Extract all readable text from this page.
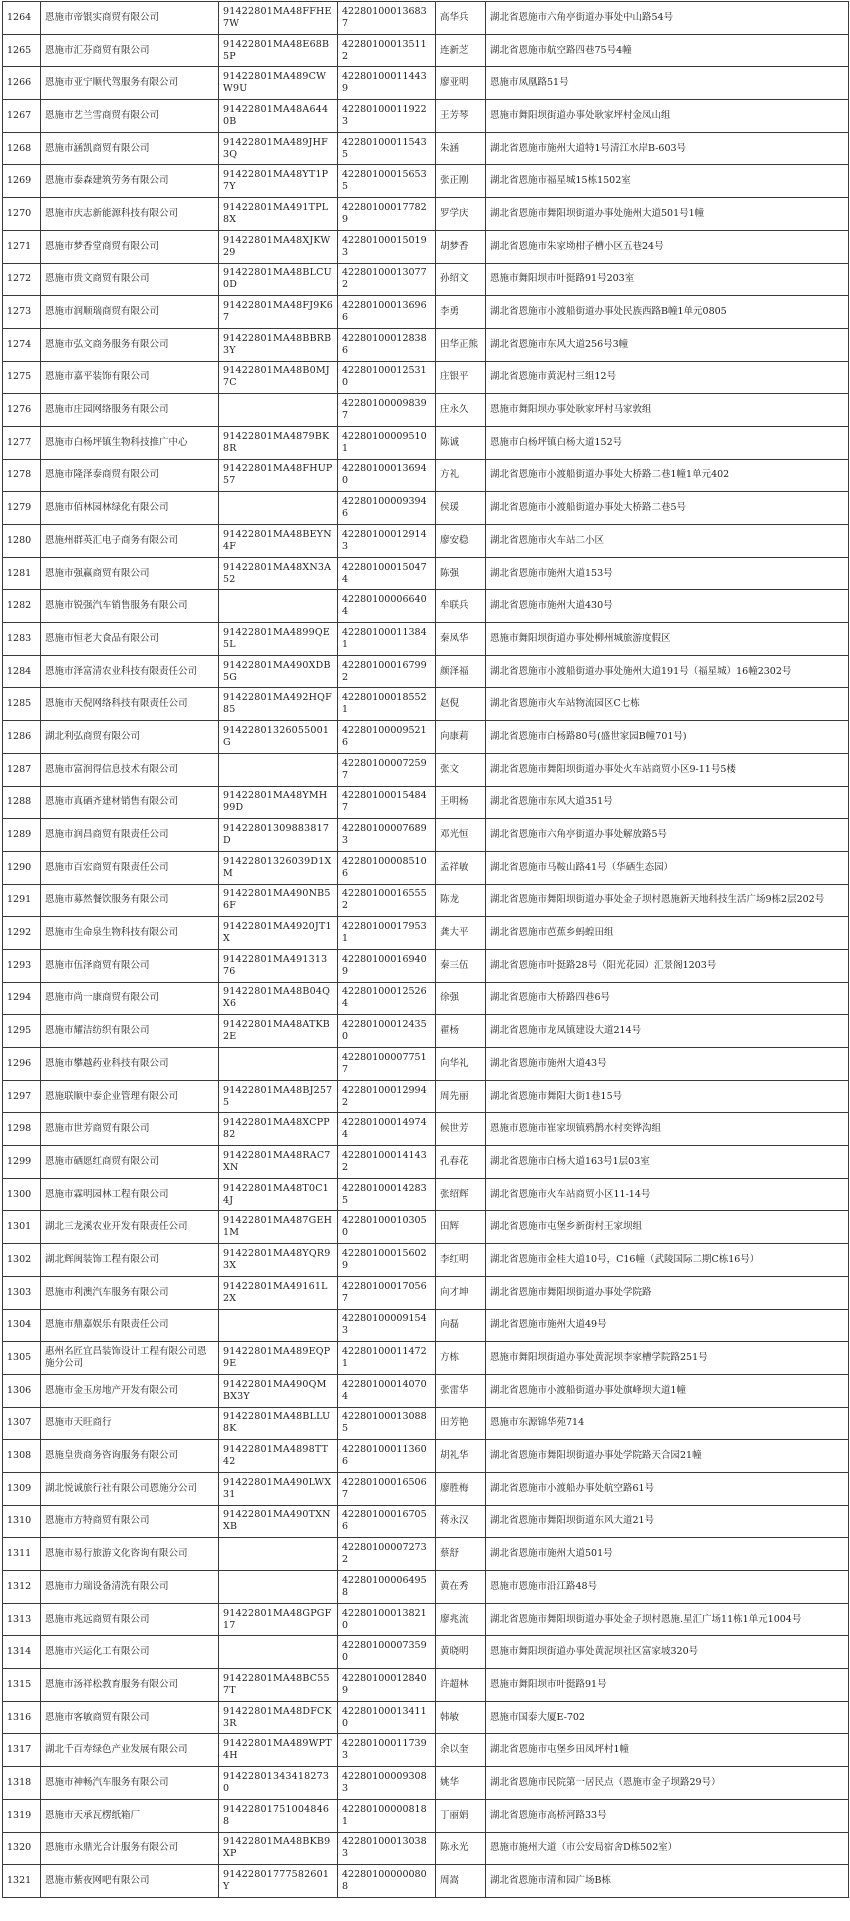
1264	恩施市帝银实商贸有限公司	91422801MA48FFHE7W	422801000136837	高华兵	湖北省恩施市六角亭街道办事处中山路54号
1265	恩施市汇芬商贸有限公司	91422801MA48E68B5P	422801000135112	连新芝	湖北省恩施市航空路四巷75号4幢
1266	恩施市亚宁顺代驾服务有限公司	91422801MA489CWW9U	422801000114439	廖亚明	恩施市凤凰路51号
1267	恩施市艺兰雪商贸有限公司	91422801MA48A6440B	422801000119223	王芳琴	恩施市舞阳坝街道办事处耿家坪村金凤山组
1268	恩施市涵凯商贸有限公司	91422801MA489JHF3Q	422801000115435	朱涵	湖北省恩施市施州大道特1号清江水岸B-603号
1269	恩施市泰森建筑劳务有限公司	91422801MA48YT1P7Y	422801000156535	张正刚	湖北省恩施市福星城15栋1502室
1270	恩施市庆志新能源科技有限公司	91422801MA491TPL8X	422801000177829	罗学庆	湖北省恩施市舞阳坝街道办事处施州大道501号1幢
1271	恩施市梦香堂商贸有限公司	91422801MA48XJKW29	422801000150193	胡梦香	湖北省恩施市朱家坳柑子槽小区五巷24号
1272	恩施市贵文商贸有限公司	91422801MA48BLCU0D	422801000130772	孙绍文	恩施市舞阳坝市叶挺路91号203室
1273	恩施市润顺瑞商贸有限公司	91422801MA48FJ9K67	422801000136966	李勇	湖北省恩施市小渡船街道办事处民族西路B幢1单元0805
1274	恩施市弘文商务服务有限公司	91422801MA48BBRB3Y	422801000128386	田华正熊	湖北省恩施市东风大道256号3幢
1275	恩施市嘉平装饰有限公司	91422801MA48B0MJ7C	422801000125310	庄银平	湖北省恩施市黄泥村三组12号
1276	恩施市庄园网络服务有限公司		422801000098397	庄永久	恩施市舞阳坝办事处耿家坪村马家敦组
1277	恩施市白杨坪镇生物科技推广中心	91422801MA4879BK8R	422801000095101	陈诚	恩施市白杨坪镇白杨大道152号
1278	恩施市隆泽泰商贸有限公司	91422801MA48FHUP57	422801000136940	方礼	湖北省恩施市小渡船街道办事处大桥路二巷1幢1单元402
1279	恩施市佰林园林绿化有限公司		422801000093946	侯瑗	湖北省恩施市小渡船街道办事处大桥路二巷5号
1280	恩施州群英汇电子商务有限公司	91422801MA48BEYN4F	422801000129143	廖安稳	湖北省恩施市火车站二小区
1281	恩施市强赢商贸有限公司	91422801MA48XN3A52	422801000150474	陈强	湖北省恩施市施州大道153号
1282	恩施市锐强汽车销售服务有限公司		422801000066404	牟联兵	湖北省恩施市施州大道430号
1283	恩施市恒老大食品有限公司	91422801MA4899QE5L	422801000113841	秦凤华	恩施市舞阳坝街道办事处柳州城旅游度假区
1284	恩施市泽富清农业科技有限责任公司	91422801MA490XDB5G	422801000167992	颜泽福	湖北省恩施市小渡船街道办事处施州大道191号（福星城）16幢2302号
1285	恩施市天倪网络科技有限责任公司	91422801MA492HQF85	422801000185521	赵倪	湖北省恩施市火车站物流园区C七栋
1286	湖北利弘商贸有限公司	91422801326055001G	422801000095216	向康莉	湖北省恩施市白杨路80号(盛世家园B幢701号)
1287	恩施市富润得信息技术有限公司		422801000072597	张文	湖北省恩施市舞阳坝街道办事处火车站商贸小区9-11号5楼
1288	恩施市真硒齐建材销售有限公司	91422801MA48YMH99D	422801000154847	王明杨	湖北省恩施市东风大道351号
1289	恩施市润昌商贸有限责任公司	91422801309883817D	422801000076893	邓光恒	湖北省恩施市六角亭街道办事处解放路5号
1290	恩施市百宏商贸有限责任公司	91422801326039D1XM	422801000085106	孟祥敏	湖北省恩施市马鞍山路41号（华硒生态园）
1291	恩施市募然餐饮服务有限公司	91422801MA490NB56F	422801000165552	陈龙	湖北省恩施市舞阳坝街道办事处金子坝村恩施新天地科技生活广场9栋2层202号
1292	恩施市生命泉生物科技有限公司	91422801MA4920JT1X	422801000179531	龚大平	湖北省恩施市芭蕉乡蚂蝗田组
1293	恩施市伍泽商贸有限公司	91422801MA49131376	422801000169409	秦三伍	湖北省恩施市叶挺路28号（阳光花园）汇景阁1203号
1294	恩施市尚一康商贸有限公司	91422801MA48B04QX6	422801000125264	徐强	湖北省恩施市大桥路四巷6号
1295	恩施市耀洁纺织有限公司	91422801MA48ATKB2E	422801000124350	翟杨	湖北省恩施市龙凤镇建设大道214号
1296	恩施市攀越药业科技有限公司		422801000077517	向华礼	湖北省恩施市施州大道43号
1297	恩施联顺中泰企业管理有限公司	91422801MA48BJ2575	422801000129942	周先丽	湖北省恩施市舞阳大街1巷15号
1298	恩施市世芳商贸有限公司	91422801MA48XCPP82	422801000149744	候世芳	恩施市恩施市崔家坝镇鸦鹊水村奕铧沟组
1299	恩施市硒愿红商贸有限公司	91422801MA48RAC7XN	422801000141432	孔春花	湖北省恩施市白杨大道163号1层03室
1300	恩施市霖明园林工程有限公司	91422801MA48T0C14J	422801000142835	张绍辉	湖北省恩施市火车站商贸小区11-14号
1301	湖北三龙溪农业开发有限责任公司	91422801MA487GEH1M	422801000103050	田辉	湖北省恩施市屯堡乡新街村王家坝组
1302	湖北辉闽装饰工程有限公司	91422801MA48YQR93X	422801000156029	李红明	湖北省恩施市金桂大道10号，C16幢（武陵国际二期C栋16号）
1303	恩施市利澳汽车服务有限公司	91422801MA49161L2X	422801000170567	向才坤	湖北省恩施市舞阳坝街道办事处学院路
1304	恩施市鼎嘉娱乐有限责任公司		422801000091543	向磊	湖北省恩施市施州大道49号
1305	惠州名匠宜昌装饰设计工程有限公司恩施分公司	91422801MA489EQP9E	422801000114721	方栋	恩施市舞阳坝街道办事处黄泥坝李家槽学院路251号
1306	恩施市金玉房地产开发有限公司	91422801MA490QMBX3Y	422801000140704	张雷华	湖北省恩施市小渡船街道办事处旗峰坝大道1幢
1307	恩施市天旺商行	91422801MA48BLLU8K	422801000130885	田芳艳	恩施市东源锦华苑714
1308	恩施皇贵商务咨询服务有限公司	91422801MA4898TT42	422801000113606	胡礼华	湖北省恩施市舞阳坝街道办事处学院路天合园21幢
1309	湖北悦诚旅行社有限公司恩施分公司	91422801MA490LWX31	422801000165067	廖胜梅	湖北省恩施市小渡船办事处航空路61号
1310	恩施市方特商贸有限公司	91422801MA490TXNXB	422801000167056	蒋永汉	湖北省恩施市舞阳坝街道东风大道21号
1311	恩施市易行旅游文化咨询有限公司		422801000072732	蔡舒	湖北省恩施市施州大道501号
1312	恩施市力瑞设备清洗有限公司		422801000064958	黄在秀	恩施市恩施市沿江路48号
1313	恩施市兆远商贸有限公司	91422801MA48GPGF17	422801000138210	廖兆流	湖北省恩施市舞阳坝街道办事处金子坝村恩施.星汇广场11栋1单元1004号
1314	恩施市兴运化工有限公司		422801000073590	黄晓明	恩施市舞阳坝街道办事处黄泥坝社区富家坡320号
1315	恩施市汤祥松教育服务有限公司	91422801MA48BC557T	422801000128409	许超林	恩施市舞阳坝市叶挺路91号
1316	恩施市客敏商贸有限公司	91422801MA48DFCK3R	422801000134110	韩敏	恩施市国泰大厦E-702
1317	湖北千百寿绿色产业发展有限公司	91422801MA489WPT4H	422801000117393	余以奎	湖北省恩施市屯堡乡田凤坪村1幢
1318	恩施市神畅汽车服务有限公司	914228013434182730	422801000093083	姚华	湖北省恩施市民院第一居民点（恩施市金子坝路29号）
1319	恩施市天承瓦楞纸箱厂	914228017510048468	422801000008181	丁丽娟	湖北省恩施市高桥河路33号
1320	恩施市永鼎光合计服务有限公司	91422801MA48BKB9XP	422801000130383	陈永光	恩施市施州大道（市公安局宿舍D栋502室）
1321	恩施市紫夜网吧有限公司	91422801777582601Y	422801000000808	周嵩	湖北省恩施市清和园广场B栋
